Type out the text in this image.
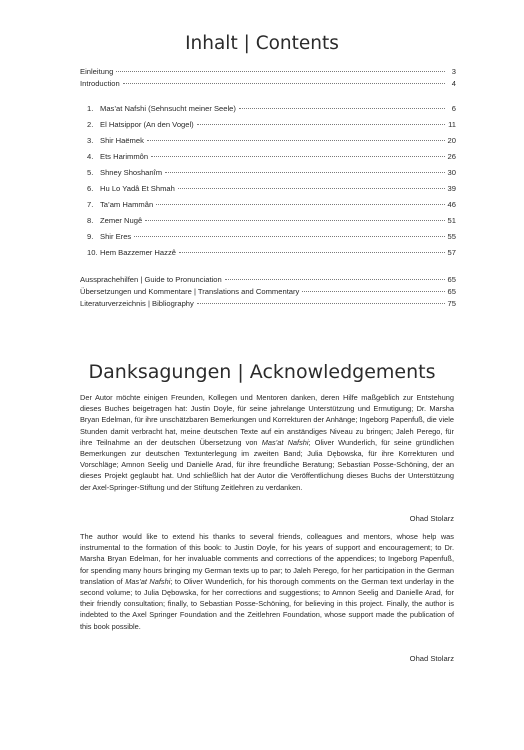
Inhalt | Contents
Einleitung	3
Introduction	4
1. Mas’at Nafshi (Sehnsucht meiner Seele)	6
2. El Hatsippor (An den Vogel)	11
3. Shir Haëmek	20
4. Ets Harimmôn	26
5. Shney Shoshanîm	30
6. Hu Lo Yadâ Et Shmah	39
7. Ta’am Hammân	46
8. Zemer Nugê	51
9. Shir Eres	55
10. Hem Bazzemer Hazzê	57
Aussprachehilfen | Guide to Pronunciation	65
Übersetzungen und Kommentare | Translations and Commentary	65
Literaturverzeichnis | Bibliography	75
Danksagungen | Acknowledgements

Der Autor möchte einigen Freunden, Kollegen und Mentoren danken, deren Hilfe maßgeblich zur Entstehung dieses Buches beigetragen hat: Justin Doyle, für seine jahrelange Unterstützung und Ermutigung; Dr. Marsha Bryan Edelman, für ihre unschätzbaren Bemerkungen und Korrekturen der Anhänge; Ingeborg Papenfuß, die viele Stunden damit verbracht hat, meine deutschen Texte auf ein anständiges Niveau zu bringen; Jaleh Perego, für ihre Teilnahme an der deutschen Übersetzung von Mas’at Nafshi; Oliver Wunderlich, für seine gründlichen Bemerkungen zur deutschen Textunterlegung im zweiten Band; Julia Dębowska, für ihre Korrekturen und Vorschläge; Amnon Seelig und Danielle Arad, für ihre freundliche Beratung; Sebastian Posse-Schöning, der an dieses Projekt geglaubt hat. Und schließlich hat der Autor die Veröffentlichung dieses Buchs der Unterstützung der Axel-Springer-Stiftung und der Stiftung Zeitlehren zu verdanken.

Ohad Stolarz

The author would like to extend his thanks to several friends, colleagues and mentors, whose help was instrumental to the formation of this book: to Justin Doyle, for his years of support and encouragement; to Dr. Marsha Bryan Edelman, for her invaluable comments and corrections of the appendices; to Ingeborg Papenfuß, for spending many hours bringing my German texts up to par; to Jaleh Perego, for her participation in the German translation of Mas’at Nafshi; to Oliver Wunderlich, for his thorough comments on the German text underlay in the second volume; to Julia Dębowska, for her corrections and suggestions; to Amnon Seelig and Danielle Arad, for their friendly consultation; finally, to Sebastian Posse-Schöning, for believing in this project. Finally, the author is indebted to the Axel Springer Foundation and the Zeitlehren Foundation, whose support made the publication of this book possible.

Ohad Stolarz
